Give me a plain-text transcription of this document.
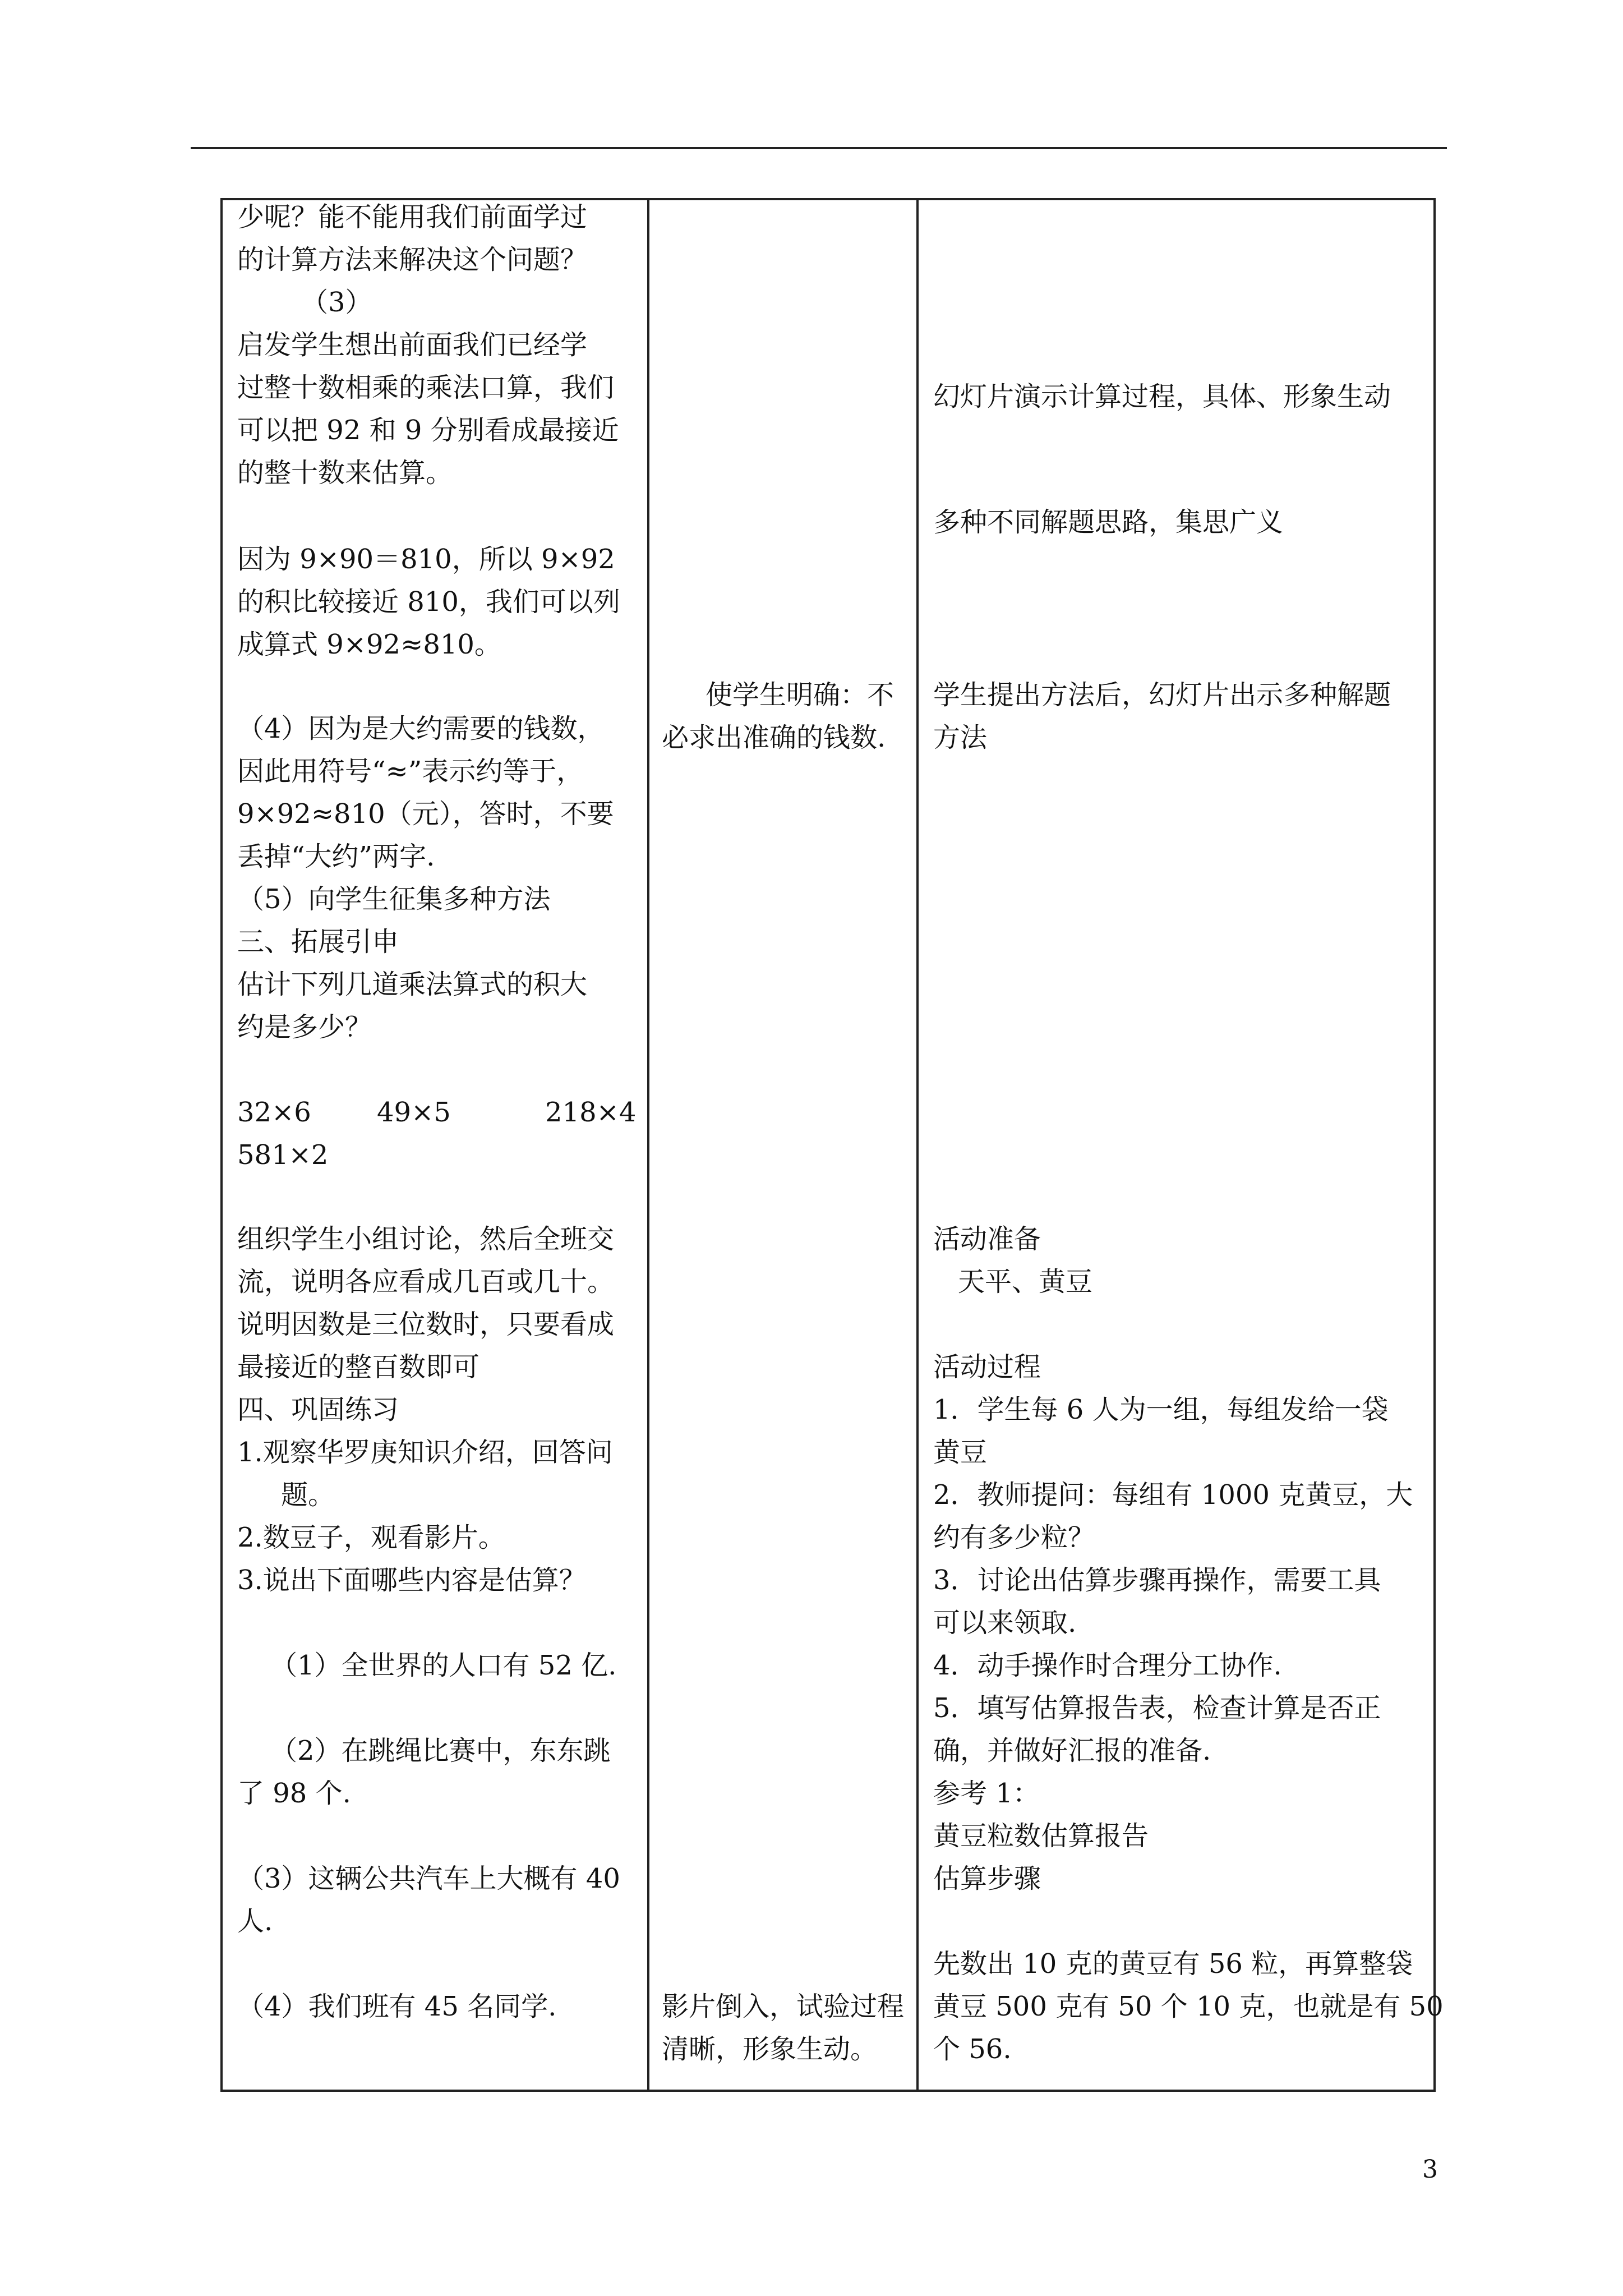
少呢？能不能用我们前面学过
的计算方法来解决这个问题？
（3）
启发学生想出前面我们已经学
过整十数相乘的乘法口算，我们
可以把 92 和 9 分别看成最接近
的整十数来估算。
因为 9×90＝810，所以 9×92
的积比较接近 810，我们可以列
成算式 9×92≈810。
（4）因为是大约需要的钱数，
因此用符号“≈”表示约等于，
9×92≈810（元），答时，不要
丢掉“大约”两字.
（5）向学生征集多种方法
三、拓展引申
估计下列几道乘法算式的积大
约是多少？
32×6 49×5	218×4
581×2
组织学生小组讨论，然后全班交
流，说明各应看成几百或几十。
说明因数是三位数时，只要看成
最接近的整百数即可
四、巩固练习
1.观察华罗庚知识介绍，回答问
题。
2.数豆子，观看影片。
3.说出下面哪些内容是估算？
（1）全世界的人口有 52 亿.
（2）在跳绳比赛中，东东跳
了 98 个.
（3）这辆公共汽车上大概有 40
人.
（4）我们班有 45 名同学.
使学生明确：不
必求出准确的钱数.
影片倒入，试验过程
清晰，形象生动。
幻灯片演示计算过程，具体、形象生动
多种不同解题思路，集思广义
学生提出方法后，幻灯片出示多种解题
方法
活动准备
天平、黄豆
活动过程
1．学生每 6 人为一组，每组发给一袋
黄豆
2．教师提问：每组有 1000 克黄豆，大
约有多少粒？
3．讨论出估算步骤再操作，需要工具
可以来领取.
4．动手操作时合理分工协作.
5．填写估算报告表，检查计算是否正
确，并做好汇报的准备.
参考 1：
黄豆粒数估算报告
估算步骤
先数出 10 克的黄豆有 56 粒，再算整袋
黄豆 500 克有 50 个 10 克，也就是有 50
个 56.
3
